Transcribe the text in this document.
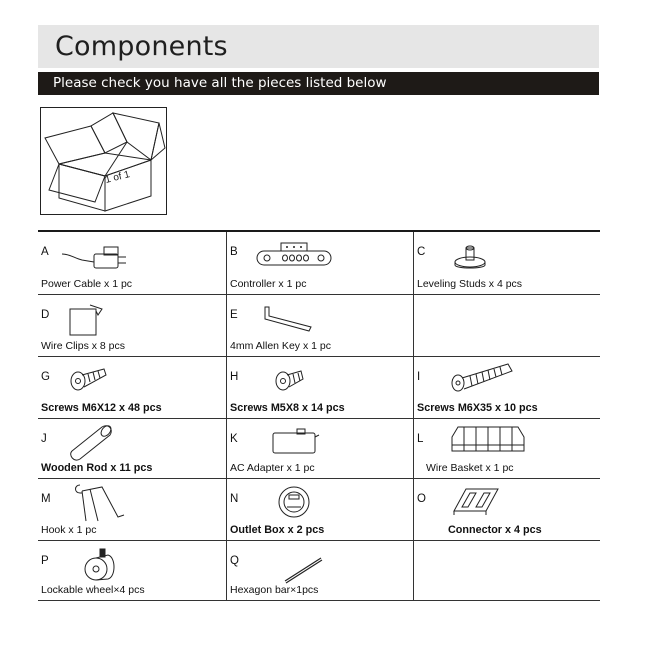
Components
Please check you have all the pieces listed below
1 of 1
A
Power Cable x 1 pc
B
Controller x 1 pc
C
Leveling Studs x 4 pcs
D
Wire Clips x 8 pcs
E
4mm Allen Key x 1 pc
G
Screws M6X12 x 48 pcs
H
Screws M5X8 x 14 pcs
I
Screws M6X35 x 10 pcs
J
Wooden Rod x 11 pcs
K
AC Adapter x 1 pc
L
Wire Basket x 1 pc
M
Hook x 1 pc
N
Outlet Box x 2 pcs
O
Connector x 4 pcs
P
Lockable wheel×4 pcs
Q
Hexagon bar×1pcs
